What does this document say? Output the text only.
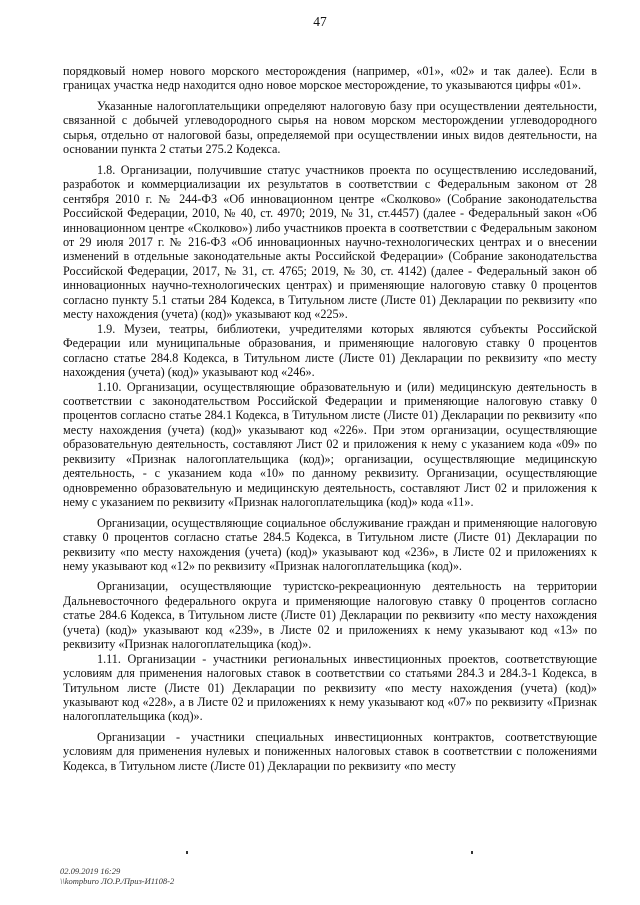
47

порядковый номер нового морского месторождения (например, «01», «02» и так далее). Если в границах участка недр находится одно новое морское месторождение, то указываются цифры «01».

Указанные налогоплательщики определяют налоговую базу при осуществлении деятельности, связанной с добычей углеводородного сырья на новом морском месторождении углеводородного сырья, отдельно от налоговой базы, определяемой при осуществлении иных видов деятельности, на основании пункта 2 статьи 275.2 Кодекса.

1.8. Организации, получившие статус участников проекта по осуществлению исследований, разработок и коммерциализации их результатов в соответствии с Федеральным законом от 28 сентября 2010 г. № 244-ФЗ «Об инновационном центре «Сколково» (Собрание законодательства Российской Федерации, 2010, № 40, ст. 4970; 2019, № 31, ст.4457) (далее - Федеральный закон «Об инновационном центре «Сколково») либо участников проекта в соответствии с Федеральным законом от 29 июля 2017 г. № 216-ФЗ «Об инновационных научно-технологических центрах и о внесении изменений в отдельные законодательные акты Российской Федерации» (Собрание законодательства Российской Федерации, 2017, № 31, ст. 4765; 2019, № 30, ст. 4142) (далее - Федеральный закон об инновационных научно-технологических центрах) и применяющие налоговую ставку 0 процентов согласно пункту 5.1 статьи 284 Кодекса, в Титульном листе (Листе 01) Декларации по реквизиту «по месту нахождения (учета) (код)» указывают код «225».

1.9. Музеи, театры, библиотеки, учредителями которых являются субъекты Российской Федерации или муниципальные образования, и применяющие налоговую ставку 0 процентов согласно статье 284.8 Кодекса, в Титульном листе (Листе 01) Декларации по реквизиту «по месту нахождения (учета) (код)» указывают код «246».

1.10. Организации, осуществляющие образовательную и (или) медицинскую деятельность в соответствии с законодательством Российской Федерации и применяющие налоговую ставку 0 процентов согласно статье 284.1 Кодекса, в Титульном листе (Листе 01) Декларации по реквизиту «по месту нахождения (учета) (код)» указывают код «226». При этом организации, осуществляющие образовательную деятельность, составляют Лист 02 и приложения к нему с указанием кода «09» по реквизиту «Признак налогоплательщика (код)»; организации, осуществляющие медицинскую деятельность, - с указанием кода «10» по данному реквизиту. Организации, осуществляющие одновременно образовательную и медицинскую деятельность, составляют Лист 02 и приложения к нему с указанием по реквизиту «Признак налогоплательщика (код)» кода «11».

Организации, осуществляющие социальное обслуживание граждан и применяющие налоговую ставку 0 процентов согласно статье 284.5 Кодекса, в Титульном листе (Листе 01) Декларации по реквизиту «по месту нахождения (учета) (код)» указывают код «236», в Листе 02 и приложениях к нему указывают код «12» по реквизиту «Признак налогоплательщика (код)».

Организации, осуществляющие туристско-рекреационную деятельность на территории Дальневосточного федерального округа и применяющие налоговую ставку 0 процентов согласно статье 284.6 Кодекса, в Титульном листе (Листе 01) Декларации по реквизиту «по месту нахождения (учета) (код)» указывают код «239», в Листе 02 и приложениях к нему указывают код «13» по реквизиту «Признак налогоплательщика (код)».

1.11. Организации - участники региональных инвестиционных проектов, соответствующие условиям для применения налоговых ставок в соответствии со статьями 284.3 и 284.3-1 Кодекса, в Титульном листе (Листе 01) Декларации по реквизиту «по месту нахождения (учета) (код)» указывают код «228», а в Листе 02 и приложениях к нему указывают код «07» по реквизиту «Признак налогоплательщика (код)».

Организации - участники специальных инвестиционных контрактов, соответствующие условиям для применения нулевых и пониженных налоговых ставок в соответствии с положениями Кодекса, в Титульном листе (Листе 01) Декларации по реквизиту «по месту

02.09.2019 16:29
\\kompburo ЛО.Р./Приз-И1108-2
